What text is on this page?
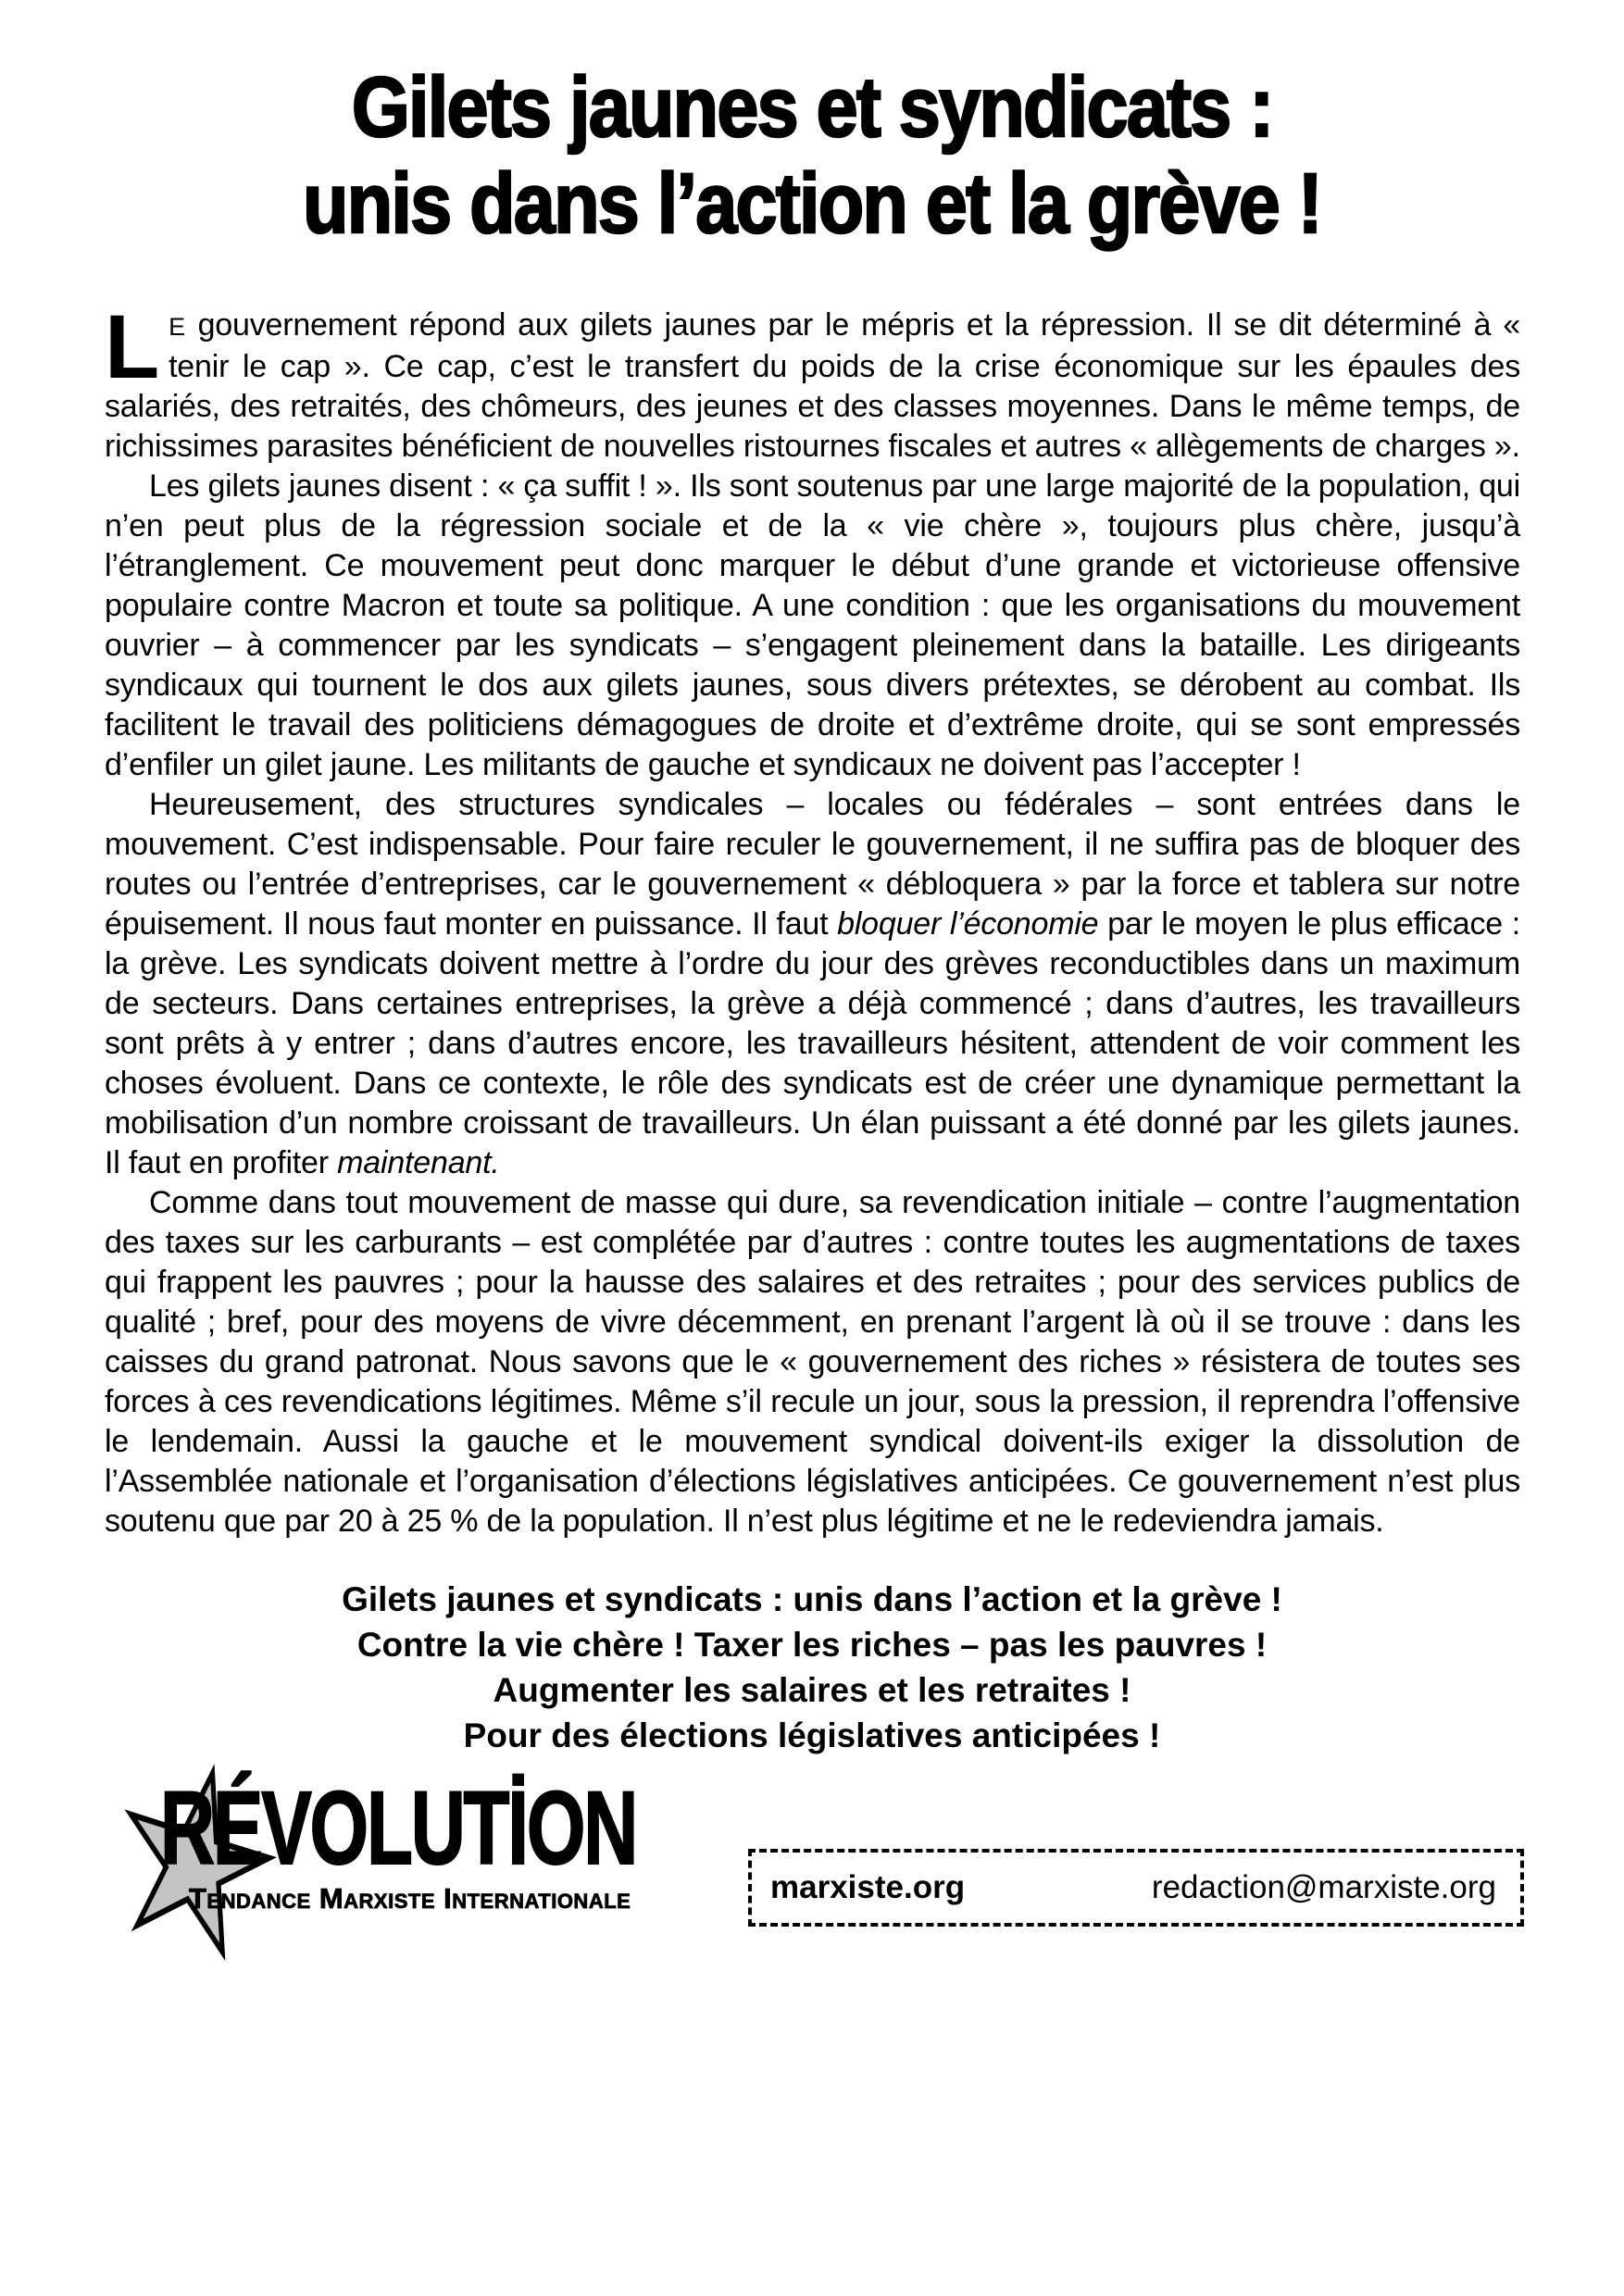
Gilets jaunes et syndicats :
unis dans l’action et la grève !

L E gouvernement répond aux gilets jaunes par le mépris et la répression. Il se dit déterminé à « tenir le cap ». Ce cap, c’est le transfert du poids de la crise économique sur les épaules des salariés, des retraités, des chômeurs, des jeunes et des classes moyennes. Dans le même temps, de richissimes parasites bénéficient de nouvelles ristournes fiscales et autres « allègements de charges ».

Les gilets jaunes disent : « ça suffit ! ». Ils sont soutenus par une large majorité de la population, qui n’en peut plus de la régression sociale et de la « vie chère », toujours plus chère, jusqu’à l’étranglement. Ce mouvement peut donc marquer le début d’une grande et victorieuse offensive populaire contre Macron et toute sa politique. A une condition : que les organisations du mouvement ouvrier – à commencer par les syndicats – s’engagent pleinement dans la bataille. Les dirigeants syndicaux qui tournent le dos aux gilets jaunes, sous divers prétextes, se dérobent au combat. Ils facilitent le travail des politiciens démagogues de droite et d’extrême droite, qui se sont empressés d’enfiler un gilet jaune. Les militants de gauche et syndicaux ne doivent pas l’accepter !

Heureusement, des structures syndicales – locales ou fédérales – sont entrées dans le mouvement. C’est indispensable. Pour faire reculer le gouvernement, il ne suffira pas de bloquer des routes ou l’entrée d’entreprises, car le gouvernement « débloquera » par la force et tablera sur notre épuisement. Il nous faut monter en puissance. Il faut bloquer l’économie par le moyen le plus efficace : la grève. Les syndicats doivent mettre à l’ordre du jour des grèves reconductibles dans un maximum de secteurs. Dans certaines entreprises, la grève a déjà commencé ; dans d’autres, les travailleurs sont prêts à y entrer ; dans d’autres encore, les travailleurs hésitent, attendent de voir comment les choses évoluent. Dans ce contexte, le rôle des syndicats est de créer une dynamique permettant la mobilisation d’un nombre croissant de travailleurs. Un élan puissant a été donné par les gilets jaunes. Il faut en profiter maintenant.

Comme dans tout mouvement de masse qui dure, sa revendication initiale – contre l’augmentation des taxes sur les carburants – est complétée par d’autres : contre toutes les augmentations de taxes qui frappent les pauvres ; pour la hausse des salaires et des retraites ; pour des services publics de qualité ; bref, pour des moyens de vivre décemment, en prenant l’argent là où il se trouve : dans les caisses du grand patronat. Nous savons que le « gouvernement des riches » résistera de toutes ses forces à ces revendications légitimes. Même s’il recule un jour, sous la pression, il reprendra l’offensive le lendemain. Aussi la gauche et le mouvement syndical doivent-ils exiger la dissolution de l’Assemblée nationale et l’organisation d’élections législatives anticipées. Ce gouvernement n’est plus soutenu que par 20 à 25 % de la population. Il n’est plus légitime et ne le redeviendra jamais.

Gilets jaunes et syndicats : unis dans l’action et la grève !
Contre la vie chère ! Taxer les riches – pas les pauvres !
Augmenter les salaires et les retraites !
Pour des élections législatives anticipées !
RÉVOLUTİON
Tendance Marxiste Internationale	marxiste.org	redaction@marxiste.org
